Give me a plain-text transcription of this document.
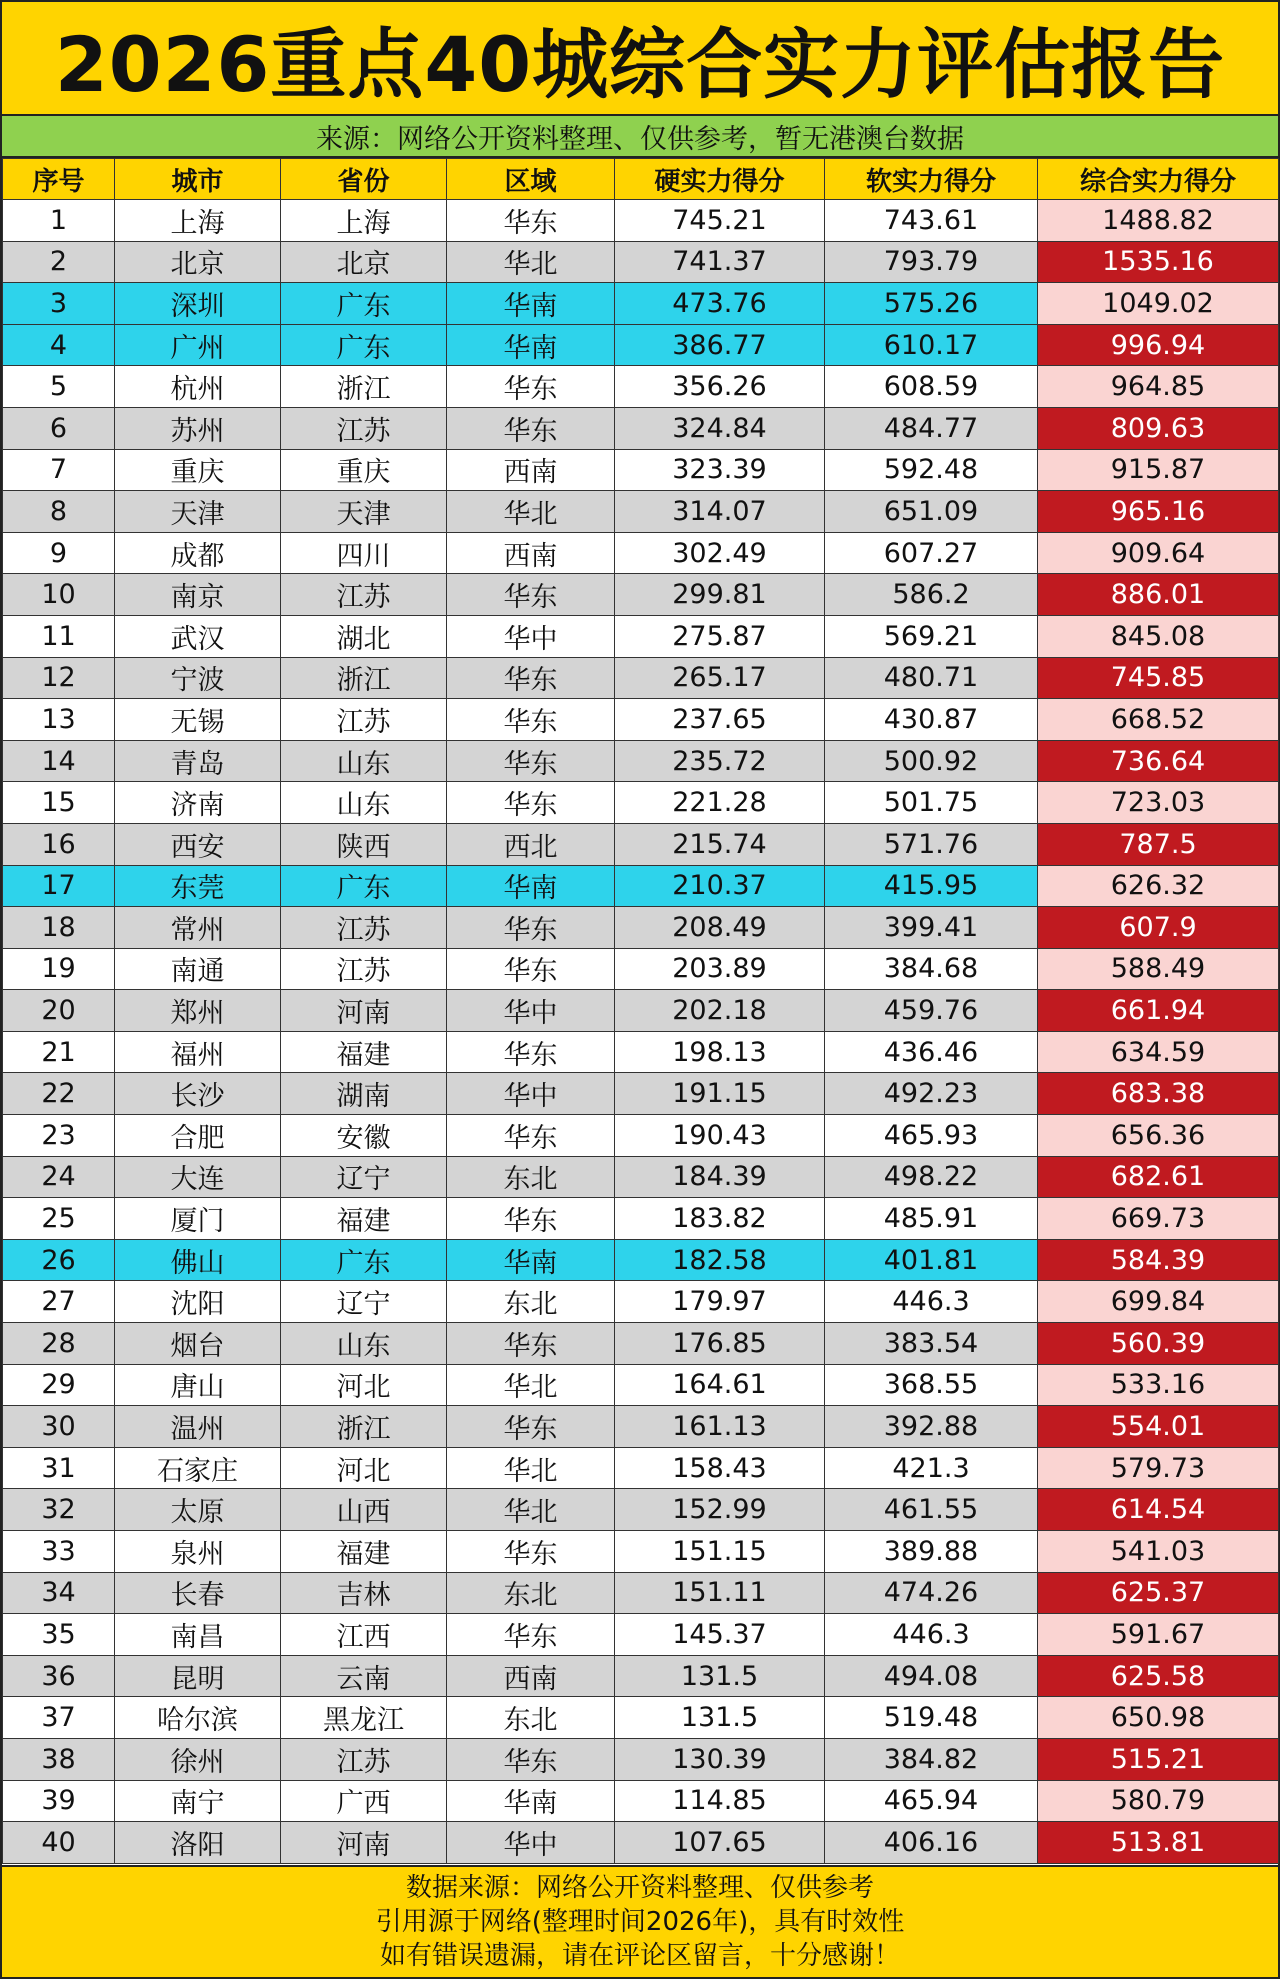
2026重点40城综合实力评估报告
来源：网络公开资料整理、仅供参考，暂无港澳台数据
序号	城市	省份	区域	硬实力得分	软实力得分	综合实力得分
1	上海	上海	华东	745.21	743.61	1488.82
2	北京	北京	华北	741.37	793.79	1535.16
3	深圳	广东	华南	473.76	575.26	1049.02
4	广州	广东	华南	386.77	610.17	996.94
5	杭州	浙江	华东	356.26	608.59	964.85
6	苏州	江苏	华东	324.84	484.77	809.63
7	重庆	重庆	西南	323.39	592.48	915.87
8	天津	天津	华北	314.07	651.09	965.16
9	成都	四川	西南	302.49	607.27	909.64
10	南京	江苏	华东	299.81	586.2	886.01
11	武汉	湖北	华中	275.87	569.21	845.08
12	宁波	浙江	华东	265.17	480.71	745.85
13	无锡	江苏	华东	237.65	430.87	668.52
14	青岛	山东	华东	235.72	500.92	736.64
15	济南	山东	华东	221.28	501.75	723.03
16	西安	陕西	西北	215.74	571.76	787.5
17	东莞	广东	华南	210.37	415.95	626.32
18	常州	江苏	华东	208.49	399.41	607.9
19	南通	江苏	华东	203.89	384.68	588.49
20	郑州	河南	华中	202.18	459.76	661.94
21	福州	福建	华东	198.13	436.46	634.59
22	长沙	湖南	华中	191.15	492.23	683.38
23	合肥	安徽	华东	190.43	465.93	656.36
24	大连	辽宁	东北	184.39	498.22	682.61
25	厦门	福建	华东	183.82	485.91	669.73
26	佛山	广东	华南	182.58	401.81	584.39
27	沈阳	辽宁	东北	179.97	446.3	699.84
28	烟台	山东	华东	176.85	383.54	560.39
29	唐山	河北	华北	164.61	368.55	533.16
30	温州	浙江	华东	161.13	392.88	554.01
31	石家庄	河北	华北	158.43	421.3	579.73
32	太原	山西	华北	152.99	461.55	614.54
33	泉州	福建	华东	151.15	389.88	541.03
34	长春	吉林	东北	151.11	474.26	625.37
35	南昌	江西	华东	145.37	446.3	591.67
36	昆明	云南	西南	131.5	494.08	625.58
37	哈尔滨	黑龙江	东北	131.5	519.48	650.98
38	徐州	江苏	华东	130.39	384.82	515.21
39	南宁	广西	华南	114.85	465.94	580.79
40	洛阳	河南	华中	107.65	406.16	513.81
数据来源：网络公开资料整理、仅供参考
引用源于网络(整理时间2026年)，具有时效性
如有错误遗漏，请在评论区留言，十分感谢！
